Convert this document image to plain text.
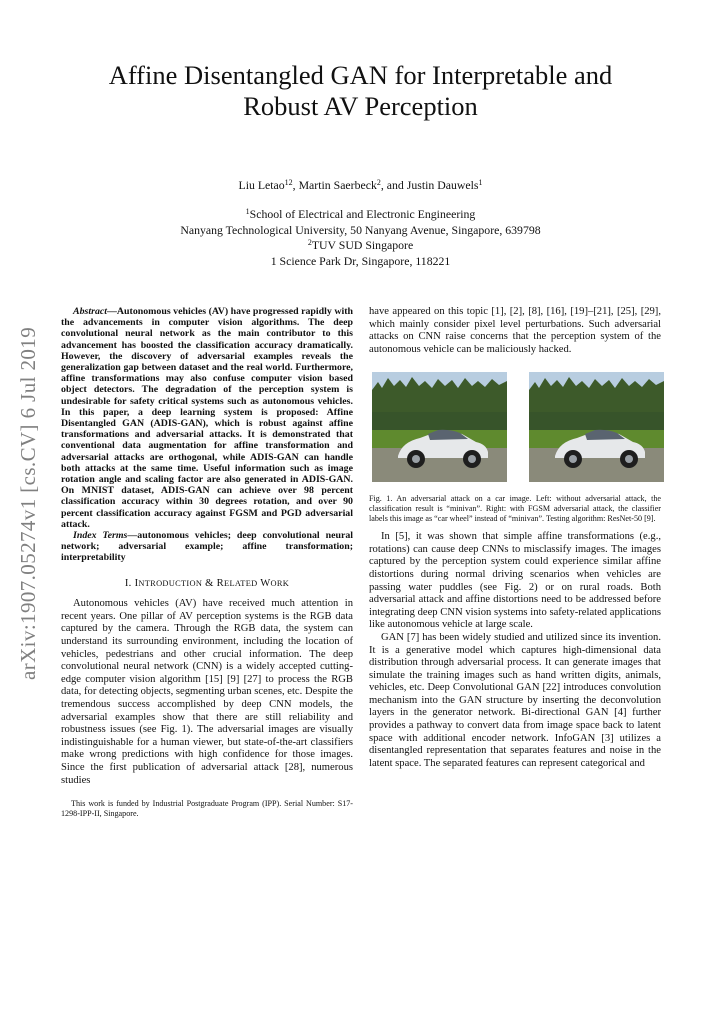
arXiv:1907.05274v1 [cs.CV] 6 Jul 2019
Affine Disentangled GAN for Interpretable and
Robust AV Perception
Liu Letao$^{12}$, Martin Saerbeck$^2$, and Justin Dauwels$^1$
$^1$School of Electrical and Electronic Engineering
Nanyang Technological University, 50 Nanyang Avenue, Singapore, 639798
$^2$TUV SUD Singapore
1 Science Park Dr, Singapore, 118221

Abstract—Autonomous vehicles (AV) have progressed rapidly with the advancements in computer vision algorithms. The deep convolutional neural network as the main contributor to this advancement has boosted the classification accuracy dramatically. However, the discovery of adversarial examples reveals the generalization gap between dataset and the real world. Furthermore, affine transformations may also confuse computer vision based object detectors. The degradation of the perception system is undesirable for safety critical systems such as autonomous vehicles. In this paper, a deep learning system is proposed: Affine Disentangled GAN (ADIS-GAN), which is robust against affine transformations and adversarial attacks. It is demonstrated that conventional data augmentation for affine transformation and adversarial attacks are orthogonal, while ADIS-GAN can handle both attacks at the same time. Useful information such as image rotation angle and scaling factor are also generated in ADIS-GAN. On MNIST dataset, ADIS-GAN can achieve over 98 percent classification accuracy within 30 degrees rotation, and over 90 percent classification accuracy against FGSM and PGD adversarial attack.

Index Terms—autonomous vehicles; deep convolutional neural network; adversarial example; affine transformation; interpretability

I. INTRODUCTION & RELATED WORK

Autonomous vehicles (AV) have received much attention in recent years. One pillar of AV perception systems is the RGB data captured by the camera. Through the RGB data, the system can understand its surrounding environment, including the location of vehicles, pedestrians and other crucial information. The deep convolutional neural network (CNN) is a widely accepted cutting-edge computer vision algorithm [15] [9] [27] to process the RGB data, for detecting objects, segmenting urban scenes, etc. Despite the tremendous success accomplished by deep CNN models, the adversarial examples show that there are still reliability and robustness issues (see Fig. 1). The adversarial images are visually indistinguishable for a human viewer, but state-of-the-art classifiers make wrong predictions with high confidence for those images. Since the first publication of adversarial attack [28], numerous studies

This work is funded by Industrial Postgraduate Program (IPP). Serial Number: S17-1298-IPP-II, Singapore.

have appeared on this topic [1], [2], [8], [16], [19]–[21], [25], [29], which mainly consider pixel level perturbations. Such adversarial attacks on CNN raise concerns that the perception system of the autonomous vehicle can be maliciously hacked.

Fig. 1. An adversarial attack on a car image. Left: without adversarial attack, the classification result is “minivan”. Right: with FGSM adversarial attack, the classifier labels this image as “car wheel” instead of “minivan”. Testing algorithm: ResNet-50 [9].

In [5], it was shown that simple affine transformations (e.g., rotations) can cause deep CNNs to misclassify images. The images captured by the perception system could experience similar affine distortions during normal driving scenarios when vehicles are passing water puddles (see Fig. 2) or on rural roads. Both adversarial attack and affine distortions need to be addressed before integrating deep CNN vision systems into safety-related applications like autonomous vehicle at large scale.

GAN [7] has been widely studied and utilized since its invention. It is a generative model which captures high-dimensional data distribution through adversarial process. It can generate images that simulate the training images such as hand written digits, animals, vehicles, etc. Deep Convolutional GAN [22] introduces convolution mechanism into the GAN structure by inserting the deconvolution layers in the generator network. Bi-directional GAN [4] further provides a pathway to convert data from image space back to latent space with additional encoder network. InfoGAN [3] utilizes a disentangled representation that separates features and noise in the latent space. The separated features can represent categorical and
